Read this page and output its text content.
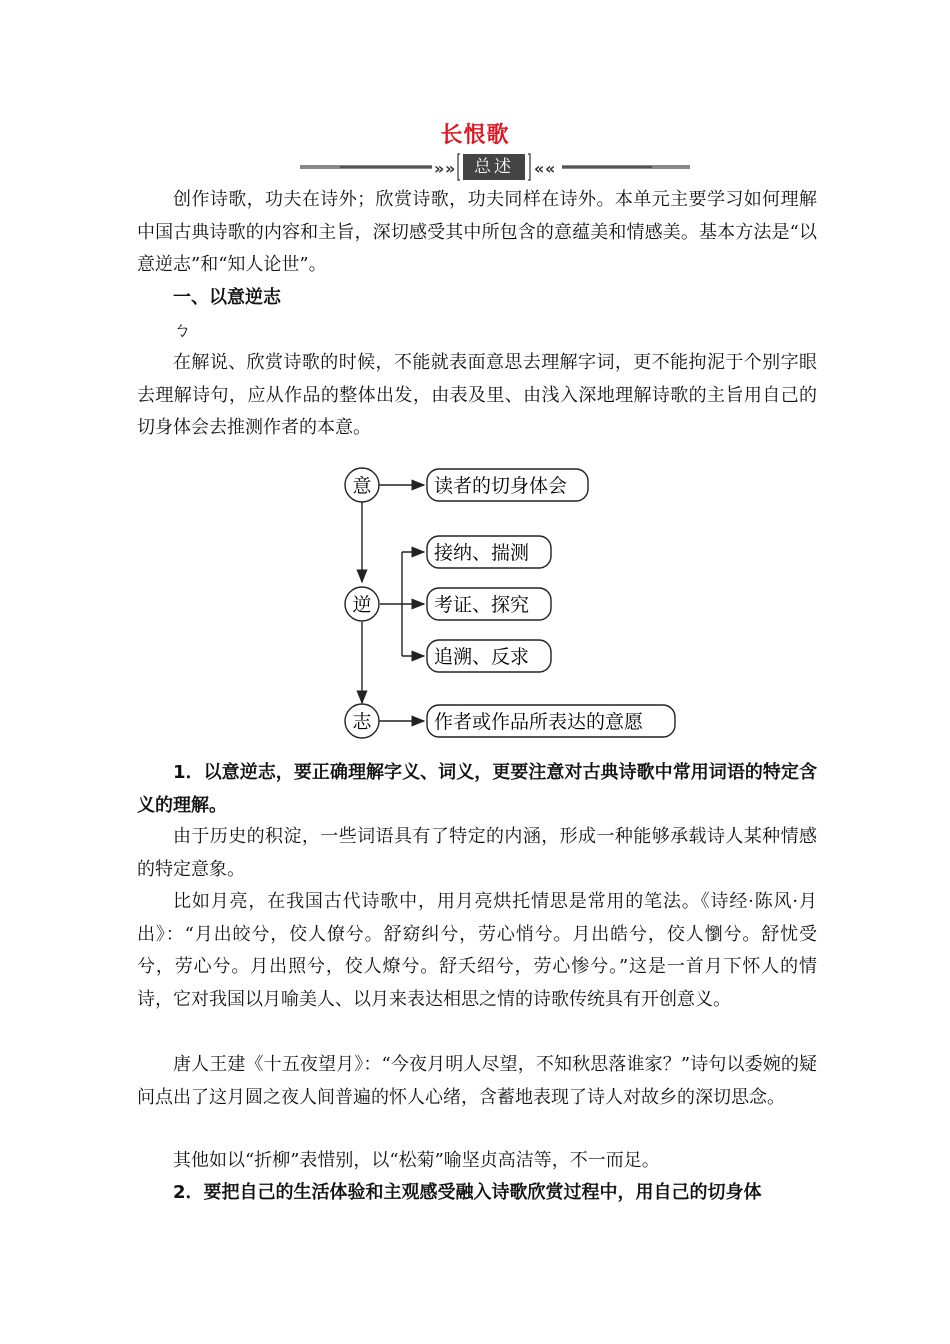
长恨歌
» »	« «
总述
创作诗歌，功夫在诗外；欣赏诗歌，功夫同样在诗外。本单元主要学习如何理解中国古典诗歌的内容和主旨，深切感受其中所包含的意蕴美和情感美。基本方法是“以意逆志”和“知人论世”。
一、以意逆志
ㄅ
在解说、欣赏诗歌的时候，不能就表面意思去理解字词，更不能拘泥于个别字眼去理解诗句，应从作品的整体出发，由表及里、由浅入深地理解诗歌的主旨用自己的切身体会去推测作者的本意。
意
逆
志
读者的切身体会
接纳、揣测
考证、探究
追溯、反求
作者或作品所表达的意愿
1．以意逆志，要正确理解字义、词义，更要注意对古典诗歌中常用词语的特定含义的理解。
由于历史的积淀，一些词语具有了特定的内涵，形成一种能够承载诗人某种情感的特定意象。
比如月亮，在我国古代诗歌中，用月亮烘托情思是常用的笔法。《诗经·陈风·月出》：“月出皎兮，佼人僚兮。舒窈纠兮，劳心悄兮。月出皓兮，佼人懰兮。舒忧受兮，劳心兮。月出照兮，佼人燎兮。舒夭绍兮，劳心惨兮。”这是一首月下怀人的情诗，它对我国以月喻美人、以月来表达相思之情的诗歌传统具有开创意义。
唐人王建《十五夜望月》：“今夜月明人尽望，不知秋思落谁家？”诗句以委婉的疑问点出了这月圆之夜人间普遍的怀人心绪，含蓄地表现了诗人对故乡的深切思念。
其他如以“折柳”表惜别，以“松菊”喻坚贞高洁等，不一而足。
2．要把自己的生活体验和主观感受融入诗歌欣赏过程中，用自己的切身体
